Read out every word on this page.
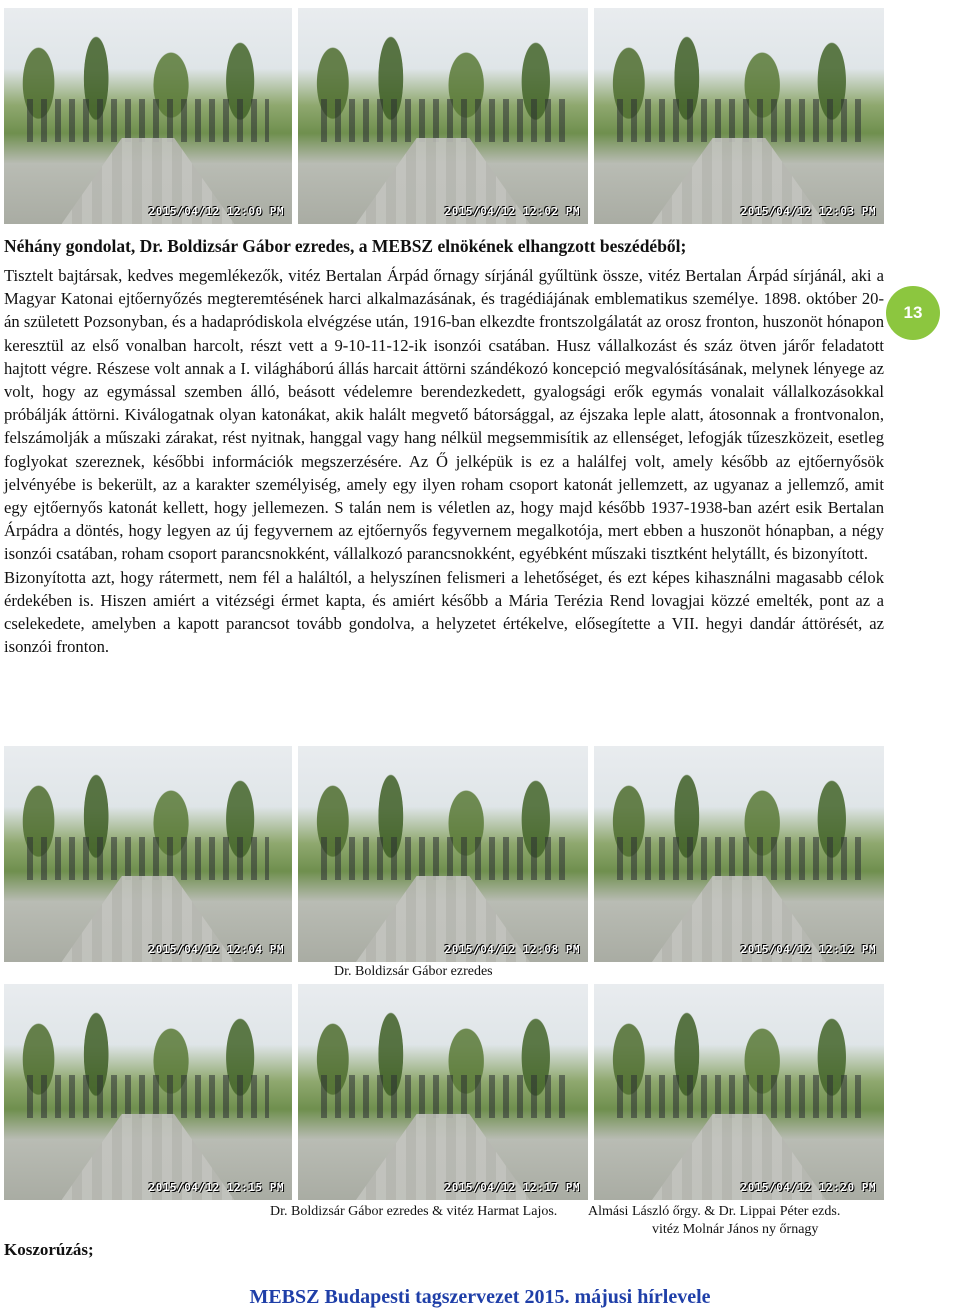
2015/04/12 12:00 PM	2015/04/12 12:02 PM	2015/04/12 12:03 PM

Néhány gondolat, Dr. Boldizsár Gábor ezredes, a MEBSZ elnökének elhangzott beszédéből;

Tisztelt bajtársak, kedves megemlékezők, vitéz Bertalan Árpád őrnagy sírjánál gyűltünk össze, vitéz Bertalan Árpád sírjánál, aki a Magyar Katonai ejtőernyőzés megteremtésének harci alkalmazásának, és tragédiájának emblematikus személye. 1898. október 20-án született Pozsonyban, és a hadapródiskola elvégzése után, 1916-ban elkezdte frontszolgálatát az orosz fronton, huszonöt hónapon keresztül az első vonalban harcolt, részt vett a 9-10-11-12-ik isonzói csatában. Husz vállalkozást és száz ötven járőr feladatott hajtott végre. Részese volt annak a I. világháború állás harcait áttörni szándékozó koncepció megvalósításának, melynek lényege az volt, hogy az egymással szemben álló, beásott védelemre berendezkedett, gyalogsági erők egymás vonalait vállalkozásokkal próbálják áttörni. Kiválogatnak olyan katonákat, akik halált megvető bátorsággal, az éjszaka leple alatt, átosonnak a frontvonalon, felszámolják a műszaki zárakat, rést nyitnak, hanggal vagy hang nélkül megsemmisítik az ellenséget, lefogják tűzeszközeit, esetleg foglyokat szereznek, későbbi információk megszerzésére. Az Ő jelképük is ez a halálfej volt, amely később az ejtőernyősök jelvényébe is bekerült, az a karakter személyiség, amely egy ilyen roham csoport katonát jellemzett, az ugyanaz a jellemző, amit egy ejtőernyős katonát kellett, hogy jellemezen. S talán nem is véletlen az, hogy majd később 1937-1938-ban azért esik Bertalan Árpádra a döntés, hogy legyen az új fegyvernem az ejtőernyős fegyvernem megalkotója, mert ebben a huszonöt hónapban, a négy isonzói csatában, roham csoport parancsnokként, vállalkozó parancsnokként, egyébként műszaki tisztként helytállt, és bizonyított.

Bizonyította azt, hogy rátermett, nem fél a haláltól, a helyszínen felismeri a lehetőséget, és ezt képes kihasználni magasabb célok érdekében is. Hiszen amiért a vitézségi érmet kapta, és amiért később a Mária Terézia Rend lovagjai közzé emelték, pont az a cselekedete, amelyben a kapott parancsot tovább gondolva, a helyzetet értékelve, elősegítette a VII. hegyi dandár áttörését, az isonzói fronton.

13
2015/04/12 12:04 PM	2015/04/12 12:08 PM	2015/04/12 12:12 PM

Dr. Boldizsár Gábor ezredes

2015/04/12 12:15 PM	2015/04/12 12:17 PM	2015/04/12 12:20 PM

Dr. Boldizsár Gábor ezredes & vitéz Harmat Lajos. Almási László őrgy. & Dr. Lippai Péter ezds.

vitéz Molnár János ny őrnagy

Koszorúzás;

MEBSZ Budapesti tagszervezet 2015. májusi hírlevele
